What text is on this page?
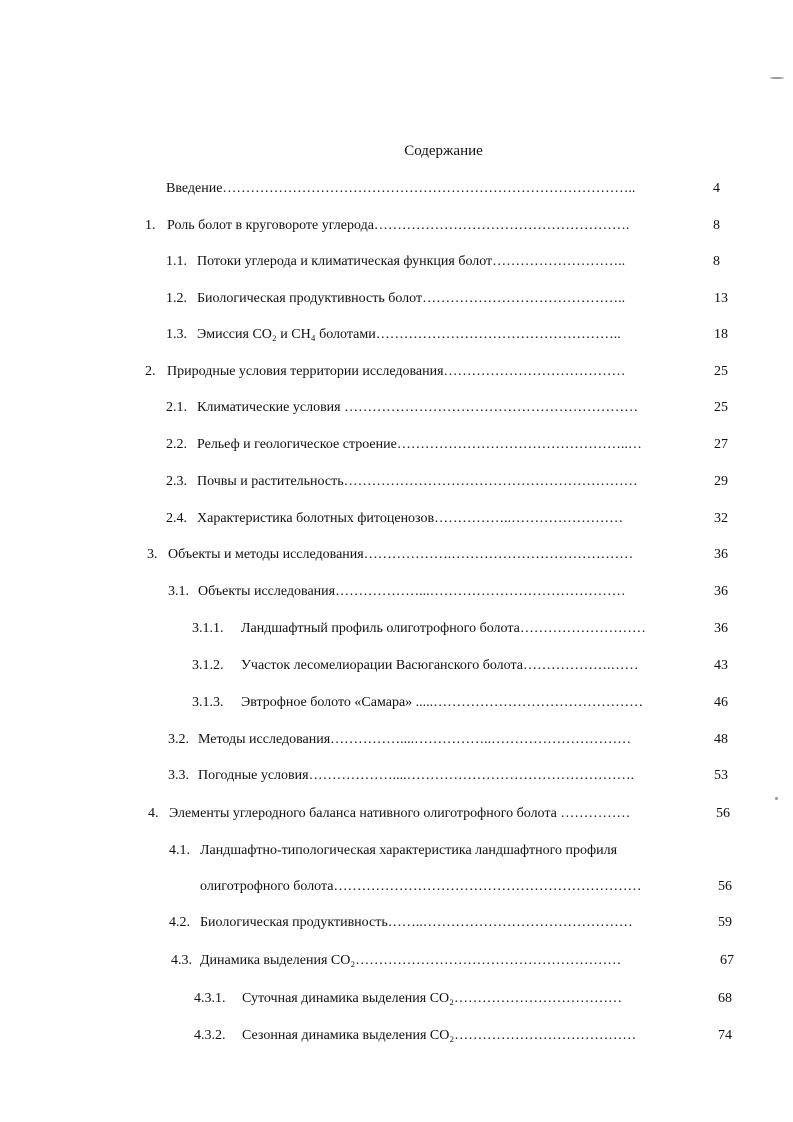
Содержание
Введение……………………………………………………………………………..	4
1. Роль болот в круговороте углерода……………………………………………….	8
1.1. Потоки углерода и климатическая функция болот………………………..	8
1.2. Биологическая продуктивность болот……………………………………..	13
1.3. Эмиссия CO₂ и CH₄ болотами……………………………………………..	18
2. Природные условия территории исследования…………………………………	25
2.1. Климатические условия ………………………………………………………	25
2.2. Рельеф и геологическое строение…………………………………………..…	27
2.3. Почвы и растительность………………………………………………………	29
2.4. Характеристика болотных фитоценозов……………..……………………	32
3. Объекты и методы исследования……………….…………………………………	36
3.1. Объекты исследования………………...……………………………………	36
3.1.1. Ландшафтный профиль олиготрофного болота………………………	36
3.1.2. Участок лесомелиорации Васюганского болота……………….……	43
3.1.3. Эвтрофное болото «Самара» .....………………………………………	46
3.2. Методы исследования……………....……………..…………………………	48
3.3. Погодные условия………………....………………………………………….	53
4. Элементы углеродного баланса нативного олиготрофного болота ……………	56
4.1. Ландшафтно-типологическая характеристика ландшафтного профиля
олиготрофного болота…………………………………………………………	56
4.2. Биологическая продуктивность……..………………………………………	59
4.3. Динамика выделения CO₂…………………………………………………	67
4.3.1. Суточная динамика выделения CO₂………………………………	68
4.3.2. Сезонная динамика выделения CO₂…………………………………	74
